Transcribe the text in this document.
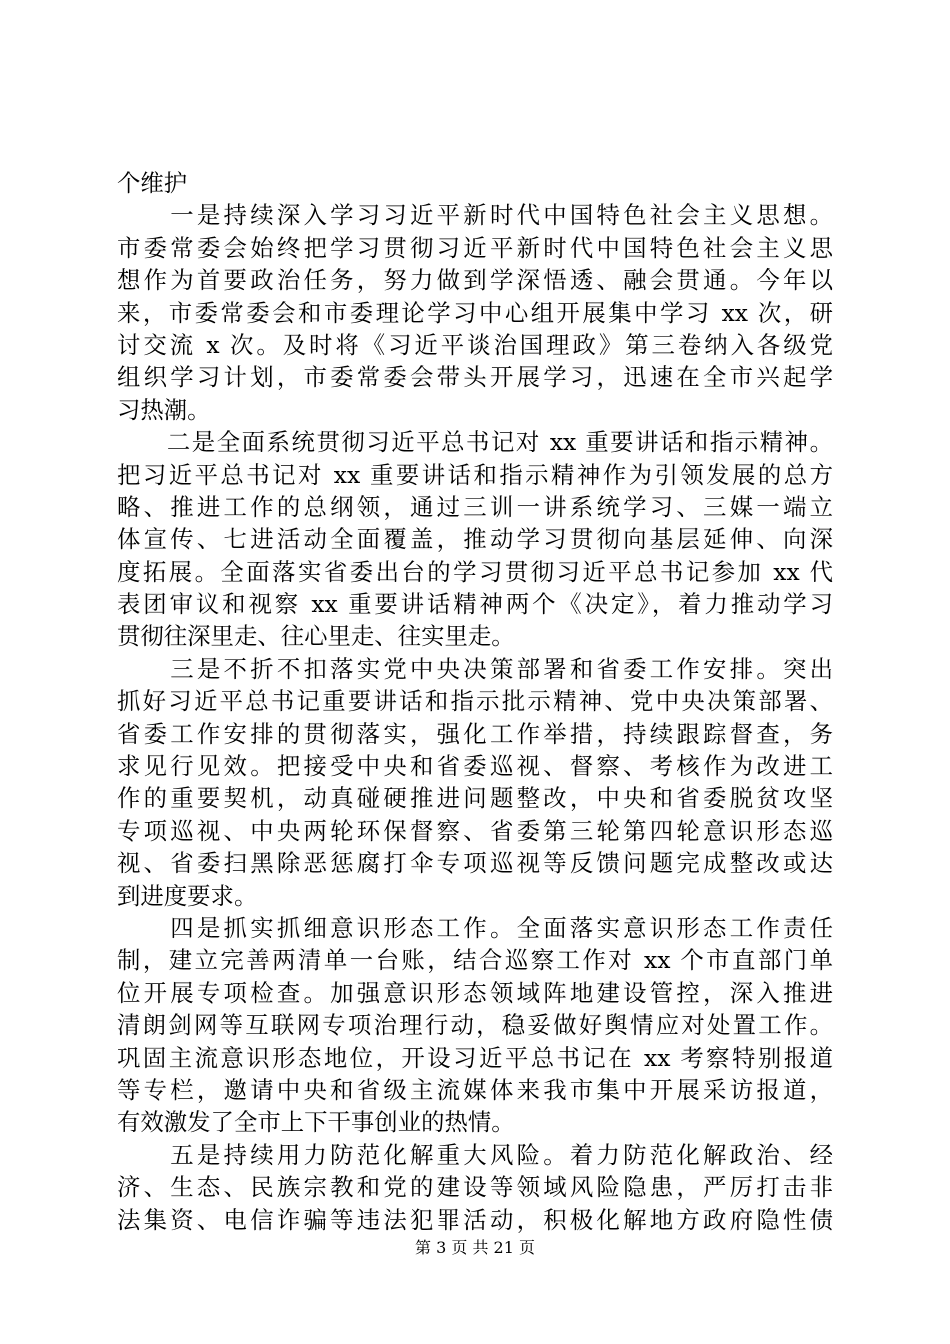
个维护
　　一是持续深入学习习近平新时代中国特色社会主义思想。
市委常委会始终把学习贯彻习近平新时代中国特色社会主义思
想作为首要政治任务，努力做到学深悟透、融会贯通。今年以
来，市委常委会和市委理论学习中心组开展集中学习 xx 次，研
讨交流 x 次。及时将《习近平谈治国理政》第三卷纳入各级党
组织学习计划，市委常委会带头开展学习，迅速在全市兴起学
习热潮。
　　二是全面系统贯彻习近平总书记对 xx 重要讲话和指示精神。
把习近平总书记对 xx 重要讲话和指示精神作为引领发展的总方
略、推进工作的总纲领，通过三训一讲系统学习、三媒一端立
体宣传、七进活动全面覆盖，推动学习贯彻向基层延伸、向深
度拓展。全面落实省委出台的学习贯彻习近平总书记参加 xx 代
表团审议和视察 xx 重要讲话精神两个《决定》，着力推动学习
贯彻往深里走、往心里走、往实里走。
　　三是不折不扣落实党中央决策部署和省委工作安排。突出
抓好习近平总书记重要讲话和指示批示精神、党中央决策部署、
省委工作安排的贯彻落实，强化工作举措，持续跟踪督查，务
求见行见效。把接受中央和省委巡视、督察、考核作为改进工
作的重要契机，动真碰硬推进问题整改，中央和省委脱贫攻坚
专项巡视、中央两轮环保督察、省委第三轮第四轮意识形态巡
视、省委扫黑除恶惩腐打伞专项巡视等反馈问题完成整改或达
到进度要求。
　　四是抓实抓细意识形态工作。全面落实意识形态工作责任
制，建立完善两清单一台账，结合巡察工作对 xx 个市直部门单
位开展专项检查。加强意识形态领域阵地建设管控，深入推进
清朗剑网等互联网专项治理行动，稳妥做好舆情应对处置工作。
巩固主流意识形态地位，开设习近平总书记在 xx 考察特别报道
等专栏，邀请中央和省级主流媒体来我市集中开展采访报道，
有效激发了全市上下干事创业的热情。
　　五是持续用力防范化解重大风险。着力防范化解政治、经
济、生态、民族宗教和党的建设等领域风险隐患，严厉打击非
法集资、电信诈骗等违法犯罪活动，积极化解地方政府隐性债
第 3 页 共 21 页
